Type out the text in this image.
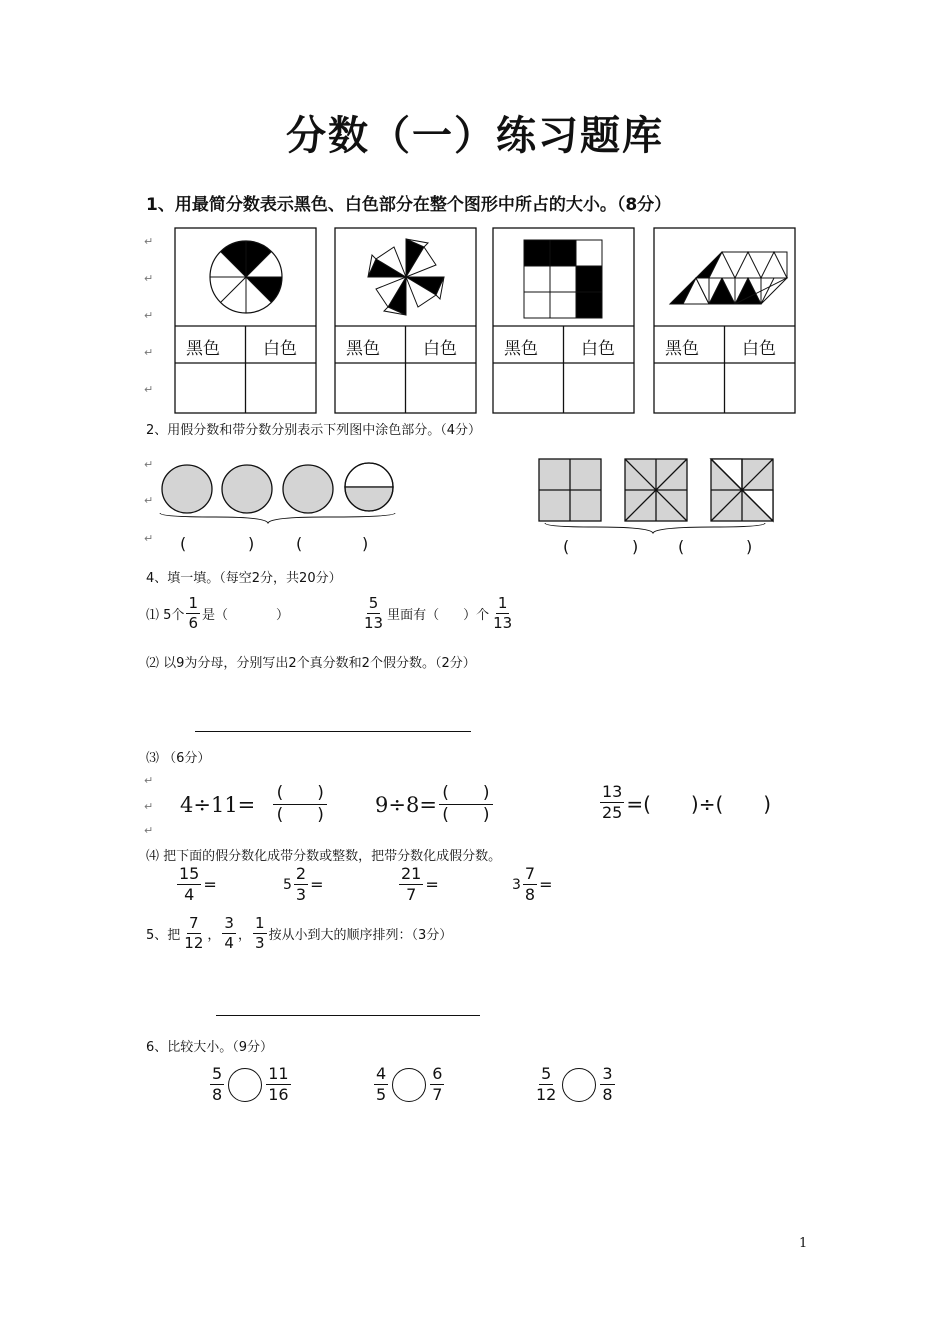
分数（一）练习题库
1、用最简分数表示黑色、白色部分在整个图形中所占的大小。（8分）
↵
↵
↵
↵
↵
黑色	白色	黑色	白色	黑色	白色	黑色	白色
2、用假分数和带分数分别表示下列图中涂色部分。（4分）
↵
↵
↵ (	)	(	)	(	) (	)
4、填一填。（每空2分，共20分）
⑴
5个 $\frac{1}{6}$ 是（	）	$\frac{5}{13}$ 里面有（ ）个 $\frac{1}{13}$
⑵ 以9为分母，分别写出2个真分数和2个假分数。（2分）
⑶ （6分）
↵
↵
↵
$4\div 11= \frac{( )}{( )} 9\div 8= \frac{( )}{( )}$	$\frac{13}{25}$ =(　　)÷(　　)
⑷ 把下面的假分数化成带分数或整数，把带分数化成假分数。
$\frac{15}{4}$ =	$5 \frac{2}{3}$ =	$\frac{21}{7}$ =	$3 \frac{7}{8}$ =
5、把 $\frac{7}{12}$ ， $\frac{3}{4}$ ， $\frac{1}{3}$ 按从小到大的顺序排列：（3分）
6、比较大小。（9分）
$\frac{5}{8}$	$\frac{11}{16}$	$\frac{4}{5}$	$\frac{6}{7}$	$\frac{5}{12}$	$\frac{3}{8}$
1
